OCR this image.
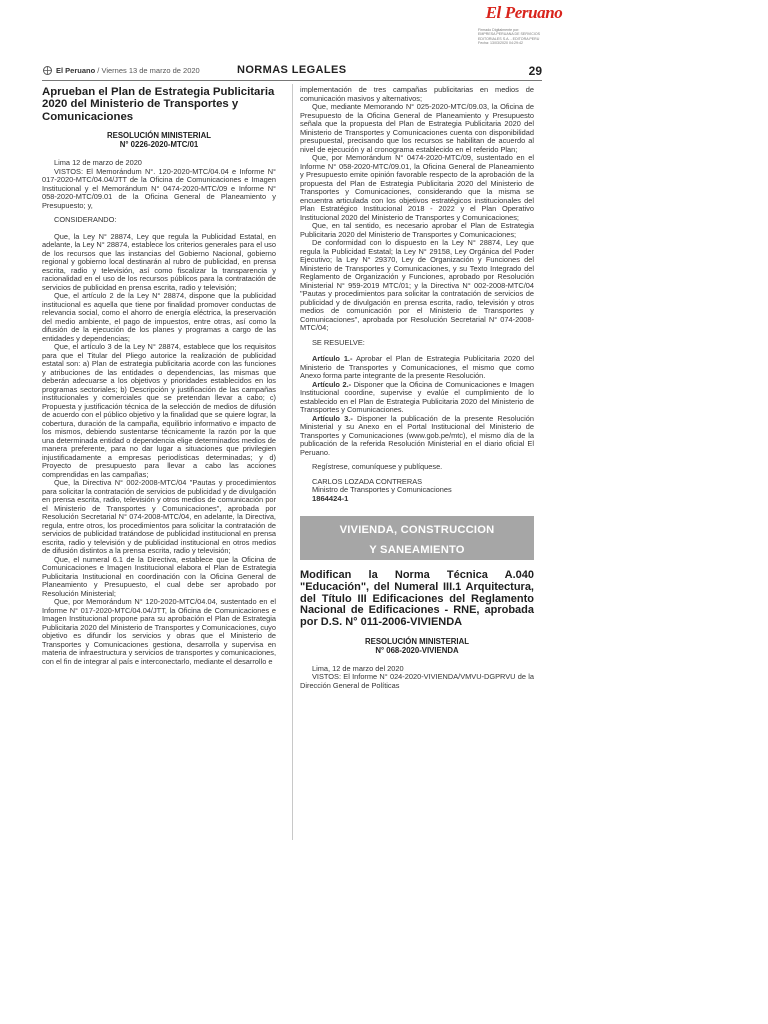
El Peruano
Firmado Digitalmente por:
EMPRESA PERUANA DE SERVICIOS
EDITORIALES S.A. - EDITORA PERU
Fecha: 13/03/2020 04:29:42
El Peruano / Viernes 13 de marzo de 2020	NORMAS LEGALES	29
Aprueban el Plan de Estrategia Publicitaria 2020 del Ministerio de Transportes y Comunicaciones
RESOLUCIÓN MINISTERIAL
N° 0226-2020-MTC/01

Lima 12 de marzo de 2020

VISTOS: El Memorándum N°. 120-2020-MTC/04.04 e Informe N° 017-2020-MTC/04.04/JTT de la Oficina de Comunicaciones e Imagen Institucional y el Memorándum N° 0474-2020-MTC/09 e Informe N° 058-2020-MTC/09.01 de la Oficina General de Planeamiento y Presupuesto; y,

CONSIDERANDO:

Que, la Ley N° 28874, Ley que regula la Publicidad Estatal, en adelante, la Ley N° 28874, establece los criterios generales para el uso de los recursos que las instancias del Gobierno Nacional, gobierno regional y gobierno local destinarán al rubro de publicidad, en prensa escrita, radio y televisión, así como fiscalizar la transparencia y racionalidad en el uso de los recursos públicos para la contratación de servicios de publicidad en prensa escrita, radio y televisión;

Que, el artículo 2 de la Ley N° 28874, dispone que la publicidad institucional es aquella que tiene por finalidad promover conductas de relevancia social, como el ahorro de energía eléctrica, la preservación del medio ambiente, el pago de impuestos, entre otras, así como la difusión de la ejecución de los planes y programas a cargo de las entidades y dependencias;

Que, el artículo 3 de la Ley N° 28874, establece que los requisitos para que el Titular del Pliego autorice la realización de publicidad estatal son: a) Plan de estrategia publicitaria acorde con las funciones y atribuciones de las entidades o dependencias, las mismas que deberán adecuarse a los objetivos y prioridades establecidos en los programas sectoriales; b) Descripción y justificación de las campañas institucionales y comerciales que se pretendan llevar a cabo; c) Propuesta y justificación técnica de la selección de medios de difusión de acuerdo con el público objetivo y la finalidad que se quiere lograr, la cobertura, duración de la campaña, equilibrio informativo e impacto de los mismos, debiendo sustentarse técnicamente la razón por la que una determinada entidad o dependencia elige determinados medios de manera preferente, para no dar lugar a situaciones que privilegien injustificadamente a empresas periodísticas determinadas; y d) Proyecto de presupuesto para llevar a cabo las acciones comprendidas en las campañas;

Que, la Directiva N° 002-2008-MTC/04 "Pautas y procedimientos para solicitar la contratación de servicios de publicidad y de divulgación en prensa escrita, radio, televisión y otros medios de comunicación por el Ministerio de Transportes y Comunicaciones", aprobada por Resolución Secretarial N° 074-2008-MTC/04, en adelante, la Directiva, regula, entre otros, los procedimientos para solicitar la contratación de servicios de publicidad tratándose de publicidad institucional en prensa escrita, radio y televisión y de publicidad institucional en otros medios de difusión distintos a la prensa escrita, radio y televisión;

Que, el numeral 6.1 de la Directiva, establece que la Oficina de Comunicaciones e Imagen Institucional elabora el Plan de Estrategia Publicitaria Institucional en coordinación con la Oficina General de Planeamiento y Presupuesto, el cual debe ser aprobado por Resolución Ministerial;

Que, por Memorándum N° 120-2020-MTC/04.04, sustentado en el Informe N° 017-2020-MTC/04.04/JTT, la Oficina de Comunicaciones e Imagen Institucional propone para su aprobación el Plan de Estrategia Publicitaria 2020 del Ministerio de Transportes y Comunicaciones, cuyo objetivo es difundir los servicios y obras que el Ministerio de Transportes y Comunicaciones gestiona, desarrolla y supervisa en materia de infraestructura y servicios de transportes y comunicaciones, con el fin de integrar al país e interconectarlo, mediante el desarrollo e

implementación de tres campañas publicitarias en medios de comunicación masivos y alternativos;

Que, mediante Memorando N° 025-2020-MTC/09.03, la Oficina de Presupuesto de la Oficina General de Planeamiento y Presupuesto señala que la propuesta del Plan de Estrategia Publicitaria 2020 del Ministerio de Transportes y Comunicaciones cuenta con disponibilidad presupuestal, precisando que los recursos se habilitan de acuerdo al nivel de ejecución y al cronograma establecido en el referido Plan;

Que, por Memorándum N° 0474-2020-MTC/09, sustentado en el Informe N° 058-2020-MTC/09.01, la Oficina General de Planeamiento y Presupuesto emite opinión favorable respecto de la aprobación de la propuesta del Plan de Estrategia Publicitaria 2020 del Ministerio de Transportes y Comunicaciones, considerando que la misma se encuentra articulada con los objetivos estratégicos institucionales del Plan Estratégico Institucional 2018 - 2022 y el Plan Operativo Institucional 2020 del Ministerio de Transportes y Comunicaciones;

Que, en tal sentido, es necesario aprobar el Plan de Estrategia Publicitaria 2020 del Ministerio de Transportes y Comunicaciones;

De conformidad con lo dispuesto en la Ley N° 28874, Ley que regula la Publicidad Estatal; la Ley N° 29158, Ley Orgánica del Poder Ejecutivo; la Ley N° 29370, Ley de Organización y Funciones del Ministerio de Transportes y Comunicaciones, y su Texto Integrado del Reglamento de Organización y Funciones, aprobado por Resolución Ministerial N° 959-2019 MTC/01; y la Directiva N° 002-2008-MTC/04 "Pautas y procedimientos para solicitar la contratación de servicios de publicidad y de divulgación en prensa escrita, radio, televisión y otros medios de comunicación por el Ministerio de Transportes y Comunicaciones", aprobada por Resolución Secretarial N° 074-2008-MTC/04;

SE RESUELVE:

Artículo 1.- Aprobar el Plan de Estrategia Publicitaria 2020 del Ministerio de Transportes y Comunicaciones, el mismo que como Anexo forma parte integrante de la presente Resolución.

Artículo 2.- Disponer que la Oficina de Comunicaciones e Imagen Institucional coordine, supervise y evalúe el cumplimiento de lo establecido en el Plan de Estrategia Publicitaria 2020 del Ministerio de Transportes y Comunicaciones.

Artículo 3.- Disponer la publicación de la presente Resolución Ministerial y su Anexo en el Portal Institucional del Ministerio de Transportes y Comunicaciones (www.gob.pe/mtc), el mismo día de la publicación de la referida Resolución Ministerial en el diario oficial El Peruano.

Regístrese, comuníquese y publíquese.

CARLOS LOZADA CONTRERAS

Ministro de Transportes y Comunicaciones

1864424-1

VIVIENDA, CONSTRUCCION
Y SANEAMIENTO
Modifican la Norma Técnica A.040 "Educación", del Numeral III.1 Arquitectura, del Título III Edificaciones del Reglamento Nacional de Edificaciones - RNE, aprobada por D.S. N° 011-2006-VIVIENDA
RESOLUCIÓN MINISTERIAL
N° 068-2020-VIVIENDA

Lima, 12 de marzo del 2020

VISTOS: El Informe N° 024-2020-VIVIENDA/VMVU-DGPRVU de la Dirección General de Políticas
